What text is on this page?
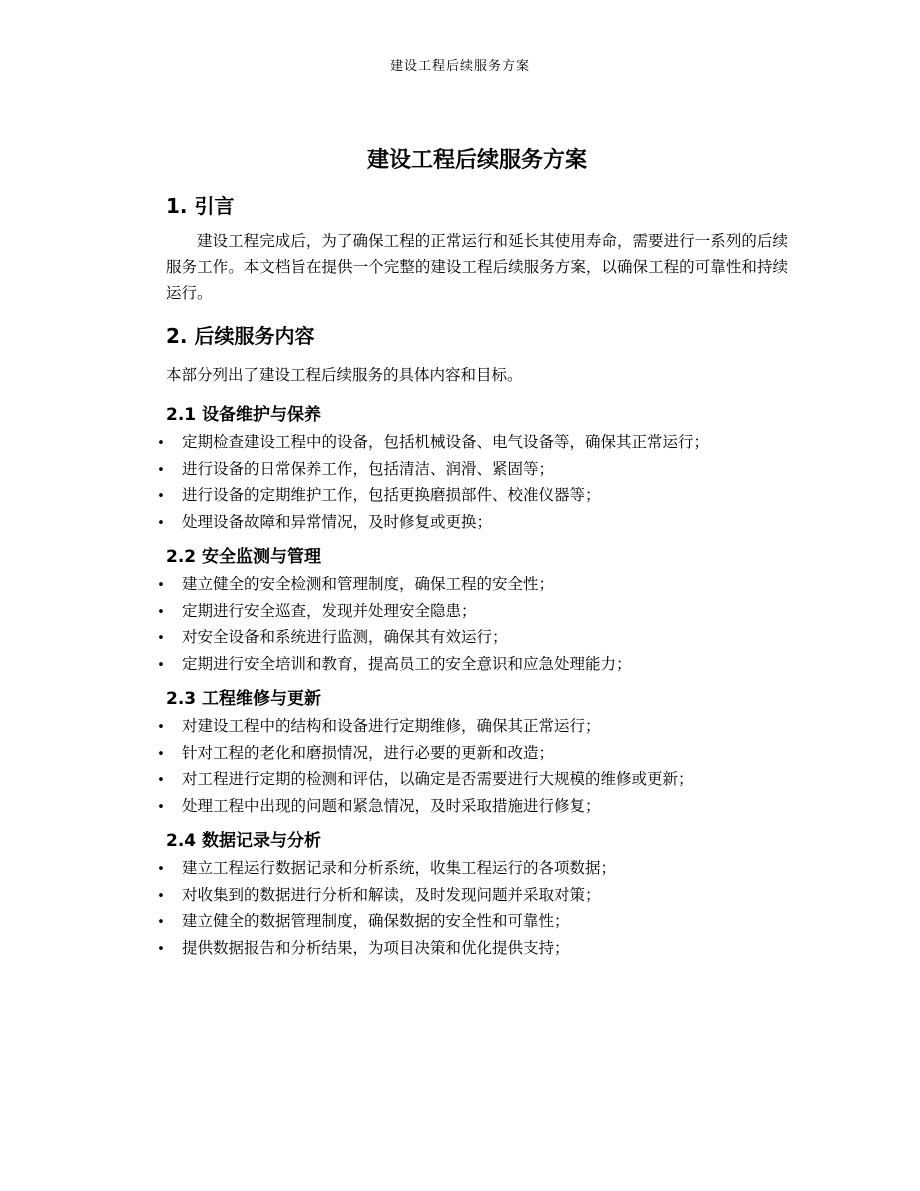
建设工程后续服务方案
建设工程后续服务方案
1. 引言

建设工程完成后，为了确保工程的正常运行和延长其使用寿命，需要进行一系列的后续服务工作。本文档旨在提供一个完整的建设工程后续服务方案，以确保工程的可靠性和持续运行。

2. 后续服务内容

本部分列出了建设工程后续服务的具体内容和目标。

2.1 设备维护与保养
• 定期检查建设工程中的设备，包括机械设备、电气设备等，确保其正常运行；
• 进行设备的日常保养工作，包括清洁、润滑、紧固等；
• 进行设备的定期维护工作，包括更换磨损部件、校准仪器等；
• 处理设备故障和异常情况，及时修复或更换；
2.2 安全监测与管理
• 建立健全的安全检测和管理制度，确保工程的安全性；
• 定期进行安全巡查，发现并处理安全隐患；
• 对安全设备和系统进行监测，确保其有效运行；
• 定期进行安全培训和教育，提高员工的安全意识和应急处理能力；
2.3 工程维修与更新
• 对建设工程中的结构和设备进行定期维修，确保其正常运行；
• 针对工程的老化和磨损情况，进行必要的更新和改造；
• 对工程进行定期的检测和评估，以确定是否需要进行大规模的维修或更新；
• 处理工程中出现的问题和紧急情况，及时采取措施进行修复；
2.4 数据记录与分析
• 建立工程运行数据记录和分析系统，收集工程运行的各项数据；
• 对收集到的数据进行分析和解读，及时发现问题并采取对策；
• 建立健全的数据管理制度，确保数据的安全性和可靠性；
• 提供数据报告和分析结果，为项目决策和优化提供支持；
